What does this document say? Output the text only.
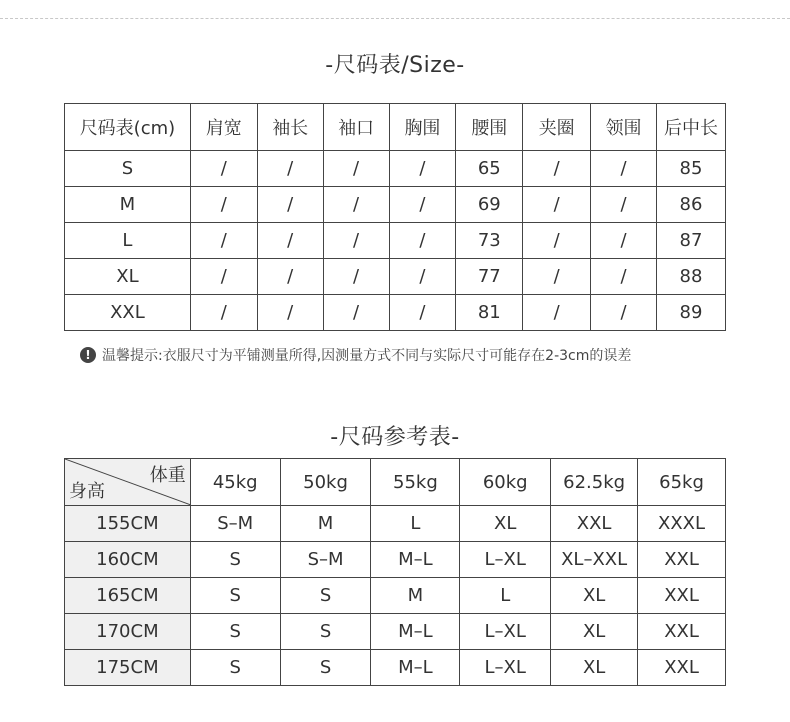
-尺码表/Size-
尺码表(cm)	肩宽	袖长	袖口	胸围	腰围	夹圈	领围	后中长
S	/	/	/	/	65	/	/	85
M	/	/	/	/	69	/	/	86
L	/	/	/	/	73	/	/	87
XL	/	/	/	/	77	/	/	88
XXL	/	/	/	/	81	/	/	89
! 温馨提示:衣服尺寸为平铺测量所得,因测量方式不同与实际尺寸可能存在2-3cm的误差
-尺码参考表-
体重
身高	45kg	50kg	55kg	60kg	62.5kg	65kg
155CM	S–M	M	L	XL	XXL	XXXL
160CM	S	S–M	M–L	L–XL	XL–XXL	XXL
165CM	S	S	M	L	XL	XXL
170CM	S	S	M–L	L–XL	XL	XXL
175CM	S	S	M–L	L–XL	XL	XXL
